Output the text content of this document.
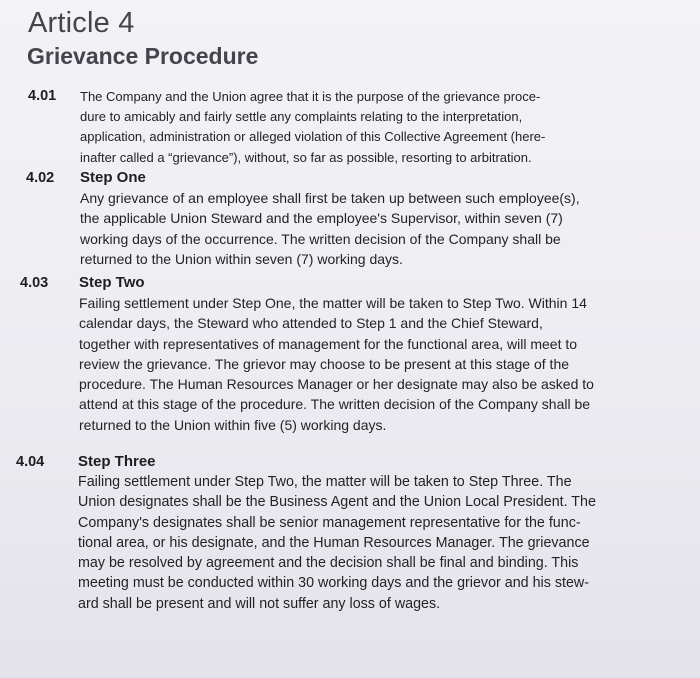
Article 4
Grievance Procedure
4.01 The Company and the Union agree that it is the purpose of the grievance proce-

dure to amicably and fairly settle any complaints relating to the interpretation,

application, administration or alleged violation of this Collective Agreement (here-

inafter called a “grievance”), without, so far as possible, resorting to arbitration.

4.02 Step One

Any grievance of an employee shall first be taken up between such employee(s),

the applicable Union Steward and the employee's Supervisor, within seven (7)

working days of the occurrence. The written decision of the Company shall be

returned to the Union within seven (7) working days.

4.03 Step Two

Failing settlement under Step One, the matter will be taken to Step Two. Within 14

calendar days, the Steward who attended to Step 1 and the Chief Steward,

together with representatives of management for the functional area, will meet to

review the grievance. The grievor may choose to be present at this stage of the

procedure. The Human Resources Manager or her designate may also be asked to

attend at this stage of the procedure. The written decision of the Company shall be

returned to the Union within five (5) working days.

4.04 Step Three

Failing settlement under Step Two, the matter will be taken to Step Three. The

Union designates shall be the Business Agent and the Union Local President. The

Company's designates shall be senior management representative for the func-

tional area, or his designate, and the Human Resources Manager. The grievance

may be resolved by agreement and the decision shall be final and binding. This

meeting must be conducted within 30 working days and the grievor and his stew-

ard shall be present and will not suffer any loss of wages.
